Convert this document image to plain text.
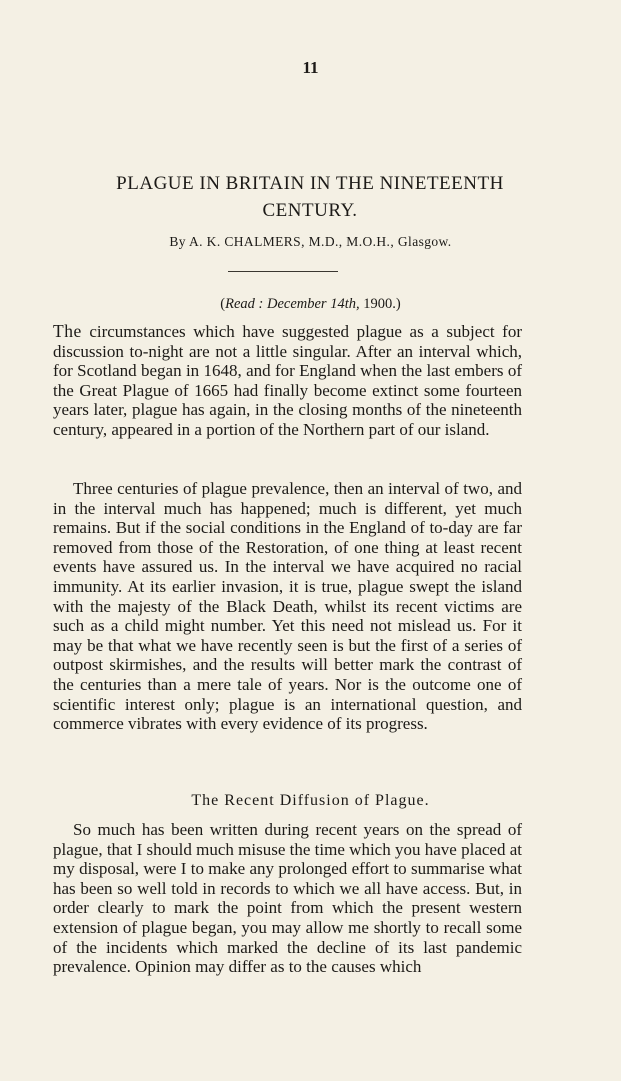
11
PLAGUE IN BRITAIN IN THE NINETEENTH
CENTURY.
By A. K. CHALMERS, M.D., M.O.H., Glasgow.
(Read : December 14th, 1900.)

The circumstances which have suggested plague as a subject for discussion to-night are not a little singular. After an interval which, for Scotland began in 1648, and for England when the last embers of the Great Plague of 1665 had finally become extinct some fourteen years later, plague has again, in the closing months of the nineteenth century, appeared in a portion of the Northern part of our island.

Three centuries of plague prevalence, then an interval of two, and in the interval much has happened; much is different, yet much remains. But if the social conditions in the England of to-day are far removed from those of the Restoration, of one thing at least recent events have assured us. In the interval we have acquired no racial immunity. At its earlier invasion, it is true, plague swept the island with the majesty of the Black Death, whilst its recent victims are such as a child might number. Yet this need not mislead us. For it may be that what we have recently seen is but the first of a series of outpost skirmishes, and the results will better mark the contrast of the centuries than a mere tale of years. Nor is the outcome one of scientific interest only; plague is an international question, and commerce vibrates with every evidence of its progress.

The Recent Diffusion of Plague.

So much has been written during recent years on the spread of plague, that I should much misuse the time which you have placed at my disposal, were I to make any prolonged effort to summarise what has been so well told in records to which we all have access. But, in order clearly to mark the point from which the present western extension of plague began, you may allow me shortly to recall some of the incidents which marked the decline of its last pandemic prevalence. Opinion may differ as to the causes which
